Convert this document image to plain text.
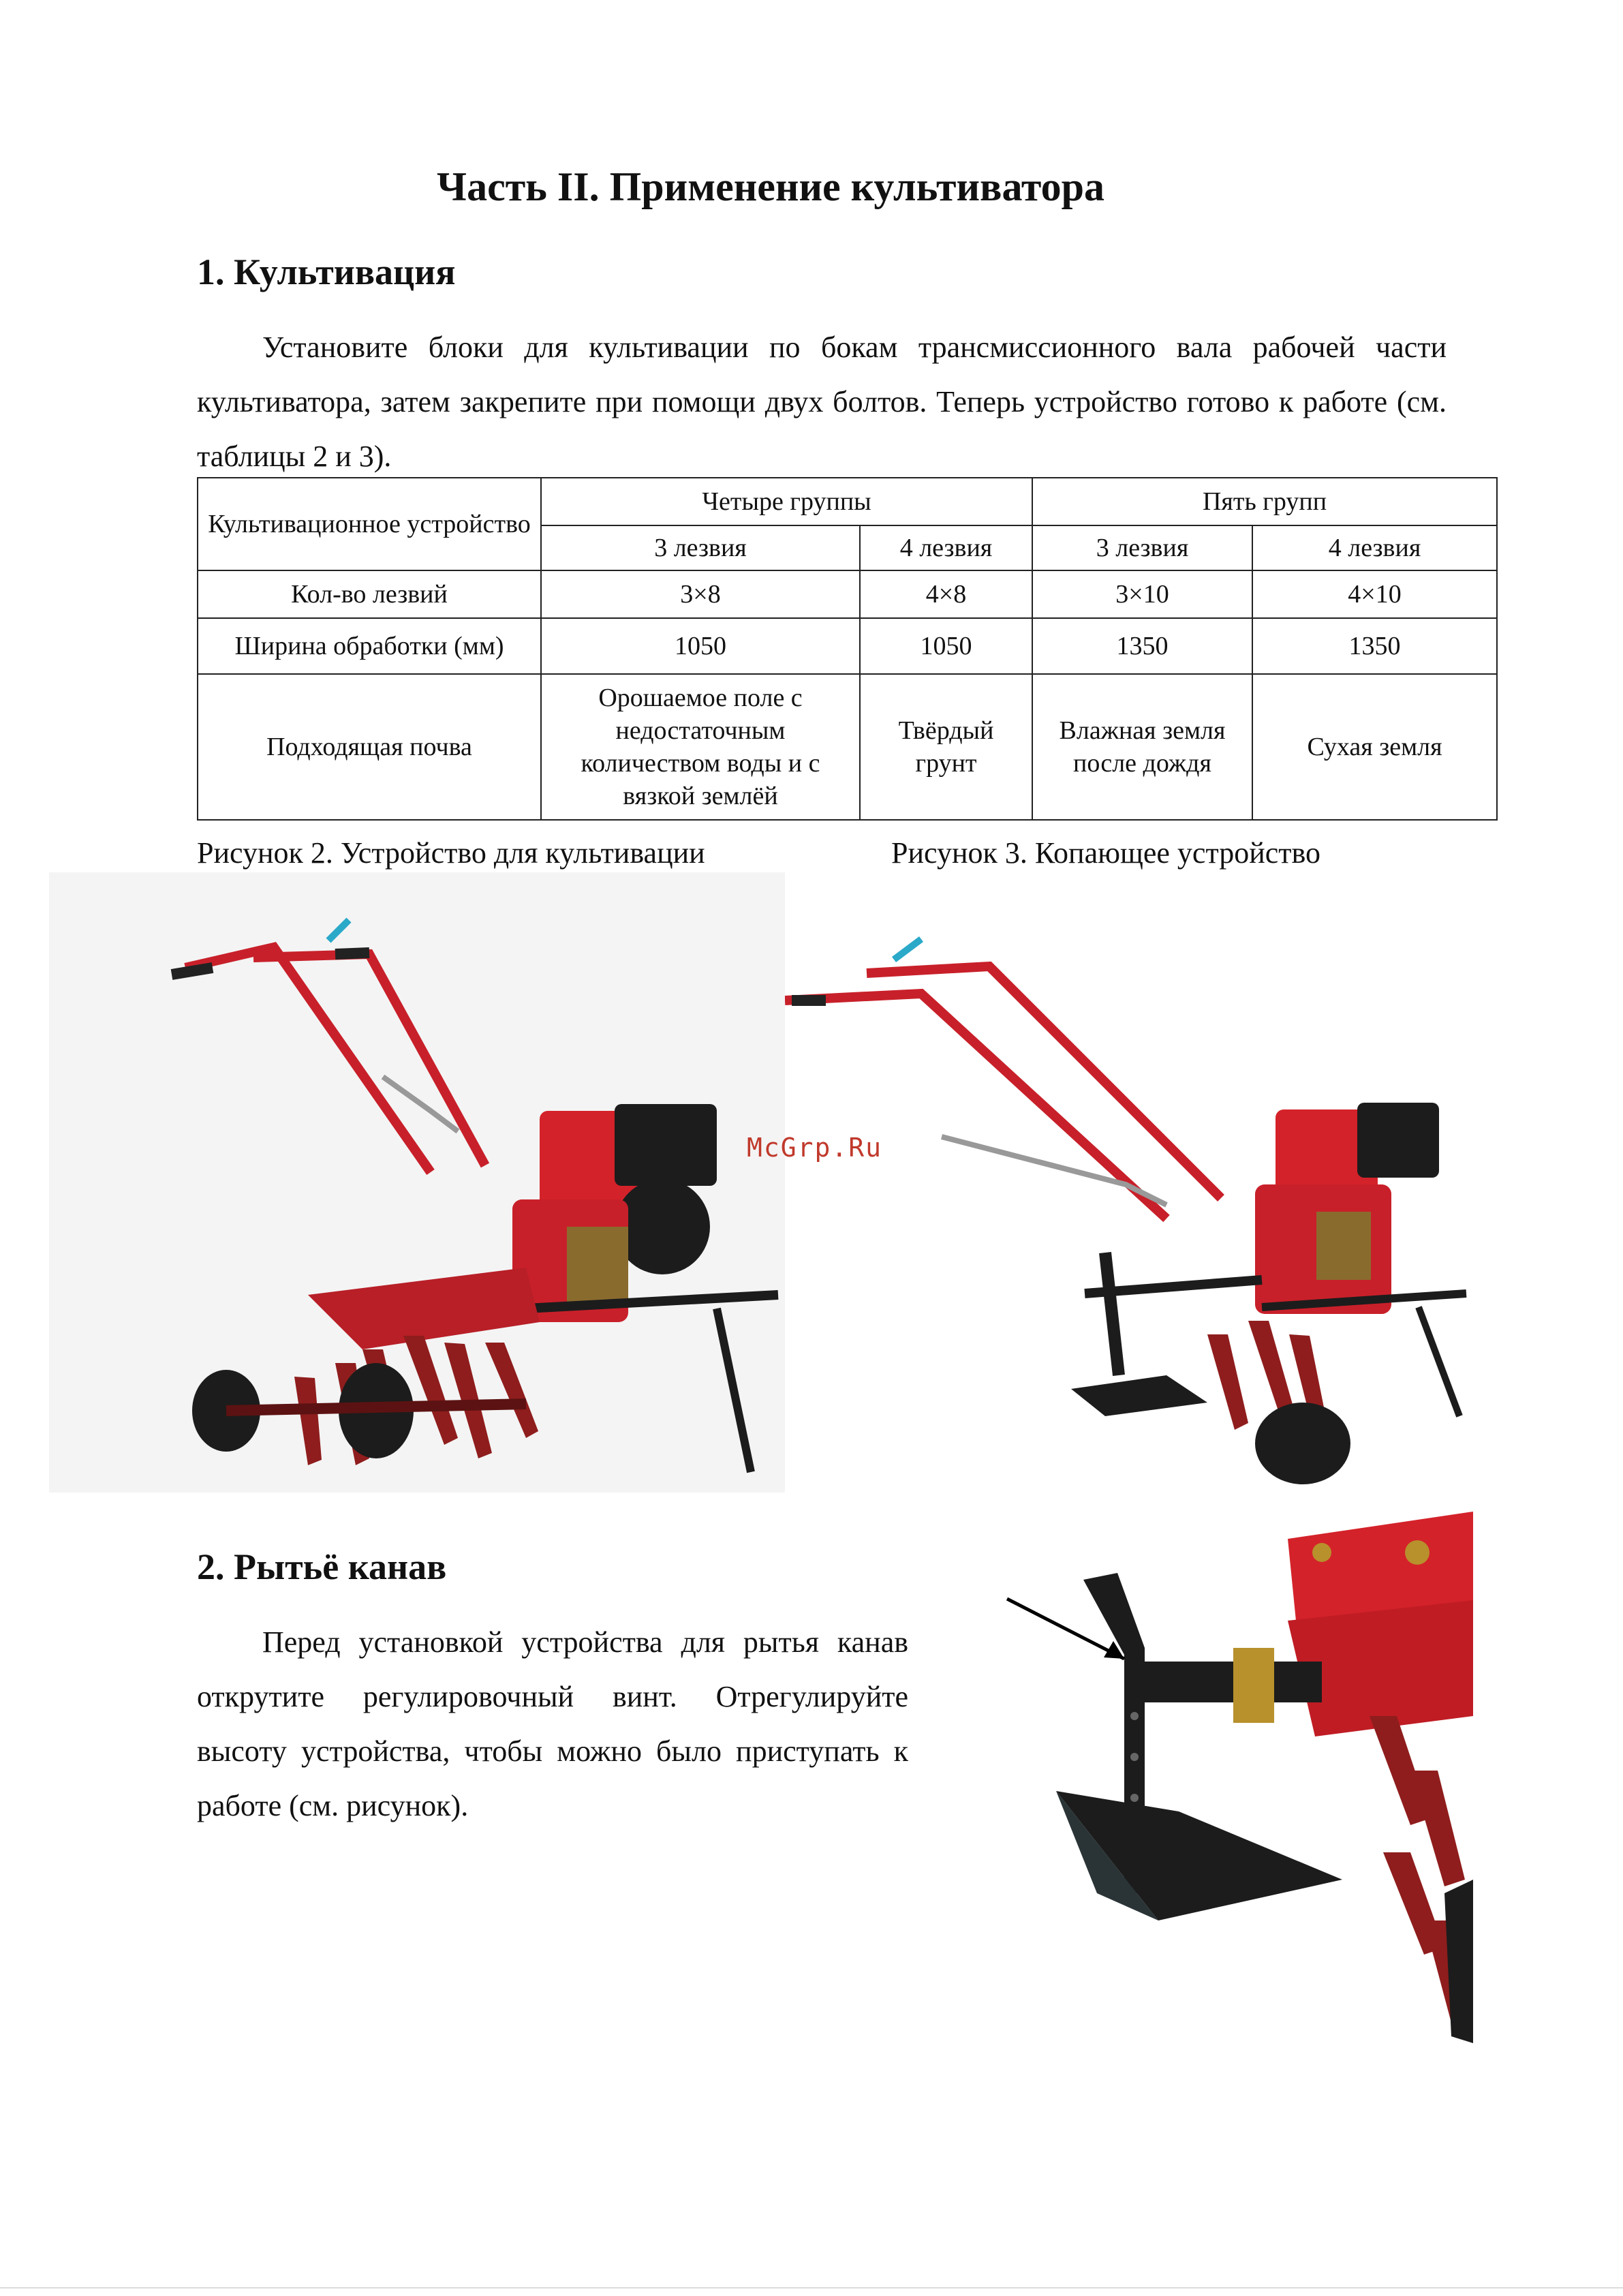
Часть II. Применение культиватора
1. Культивация
Установите блоки для культивации по бокам трансмиссионного вала рабочей части культиватора, затем закрепите при помощи двух болтов. Теперь устройство готово к работе (см. таблицы 2 и 3).
Культивационное устройство	Четыре группы		Пять групп	
	3 лезвия	4 лезвия	3 лезвия	4 лезвия
Кол-во лезвий	3×8	4×8	3×10	4×10
Ширина обработки (мм)	1050	1050	1350	1350
Подходящая почва	Орошаемое поле с недостаточным количеством воды и с вязкой землёй	Твёрдый грунт	Влажная земля после дождя	Сухая земля
Рисунок 2. Устройство для культивации	Рисунок 3. Копающее устройство
McGrp.Ru
2. Рытьё канав
Перед установкой устройства для рытья канав открутите регулировочный винт. Отрегулируйте высоту устройства, чтобы можно было приступать к работе (см. рисунок).
